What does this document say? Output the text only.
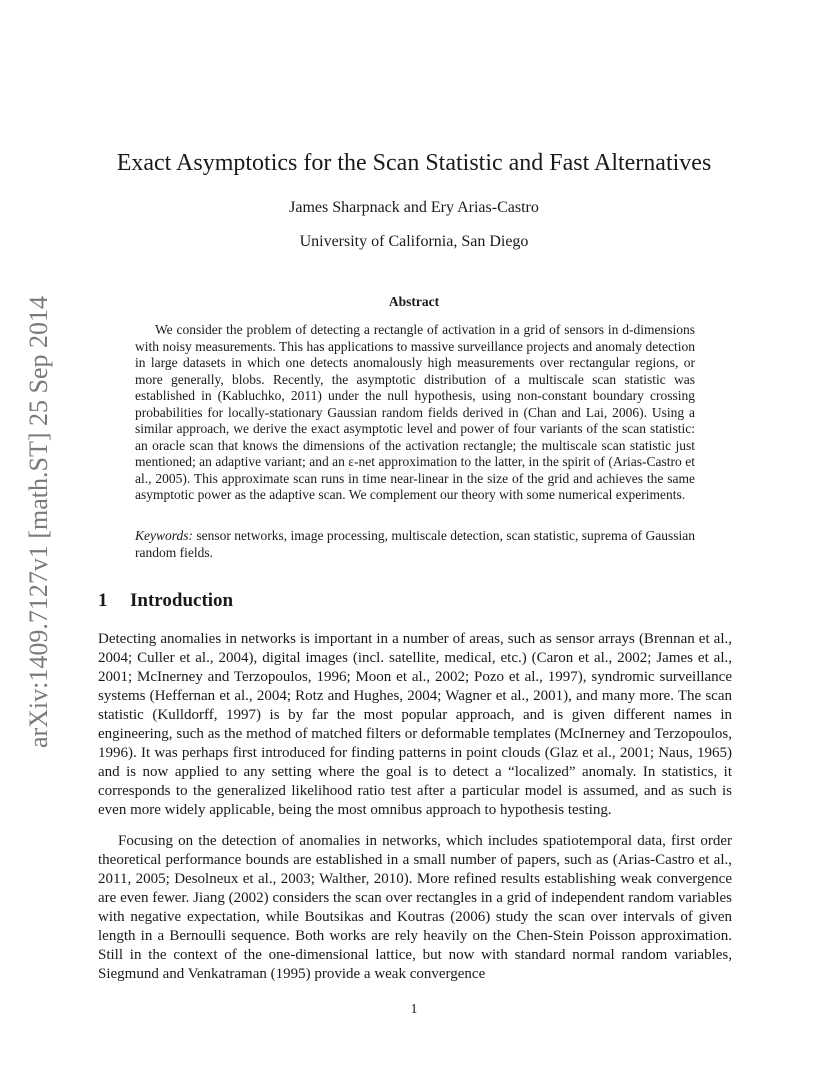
arXiv:1409.7127v1 [math.ST] 25 Sep 2014
Exact Asymptotics for the Scan Statistic and Fast Alternatives
James Sharpnack and Ery Arias-Castro
University of California, San Diego
Abstract
We consider the problem of detecting a rectangle of activation in a grid of sensors in d-dimensions with noisy measurements. This has applications to massive surveillance projects and anomaly detection in large datasets in which one detects anomalously high measurements over rectangular regions, or more generally, blobs. Recently, the asymptotic distribution of a multiscale scan statistic was established in (Kabluchko, 2011) under the null hypothesis, using non-constant boundary crossing probabilities for locally-stationary Gaussian random fields derived in (Chan and Lai, 2006). Using a similar approach, we derive the exact asymptotic level and power of four variants of the scan statistic: an oracle scan that knows the dimensions of the activation rectangle; the multiscale scan statistic just mentioned; an adaptive variant; and an ε-net approximation to the latter, in the spirit of (Arias-Castro et al., 2005). This approximate scan runs in time near-linear in the size of the grid and achieves the same asymptotic power as the adaptive scan. We complement our theory with some numerical experiments.
Keywords: sensor networks, image processing, multiscale detection, scan statistic, suprema of Gaussian random fields.
1 Introduction
Detecting anomalies in networks is important in a number of areas, such as sensor arrays (Brennan et al., 2004; Culler et al., 2004), digital images (incl. satellite, medical, etc.) (Caron et al., 2002; James et al., 2001; McInerney and Terzopoulos, 1996; Moon et al., 2002; Pozo et al., 1997), syndromic surveillance systems (Heffernan et al., 2004; Rotz and Hughes, 2004; Wagner et al., 2001), and many more. The scan statistic (Kulldorff, 1997) is by far the most popular approach, and is given different names in engineering, such as the method of matched filters or deformable templates (McInerney and Terzopoulos, 1996). It was perhaps first introduced for finding patterns in point clouds (Glaz et al., 2001; Naus, 1965) and is now applied to any setting where the goal is to detect a “localized” anomaly. In statistics, it corresponds to the generalized likelihood ratio test after a particular model is assumed, and as such is even more widely applicable, being the most omnibus approach to hypothesis testing.
Focusing on the detection of anomalies in networks, which includes spatiotemporal data, first order theoretical performance bounds are established in a small number of papers, such as (Arias-Castro et al., 2011, 2005; Desolneux et al., 2003; Walther, 2010). More refined results establishing weak convergence are even fewer. Jiang (2002) considers the scan over rectangles in a grid of independent random variables with negative expectation, while Boutsikas and Koutras (2006) study the scan over intervals of given length in a Bernoulli sequence. Both works are rely heavily on the Chen-Stein Poisson approximation. Still in the context of the one-dimensional lattice, but now with standard normal random variables, Siegmund and Venkatraman (1995) provide a weak convergence
1
